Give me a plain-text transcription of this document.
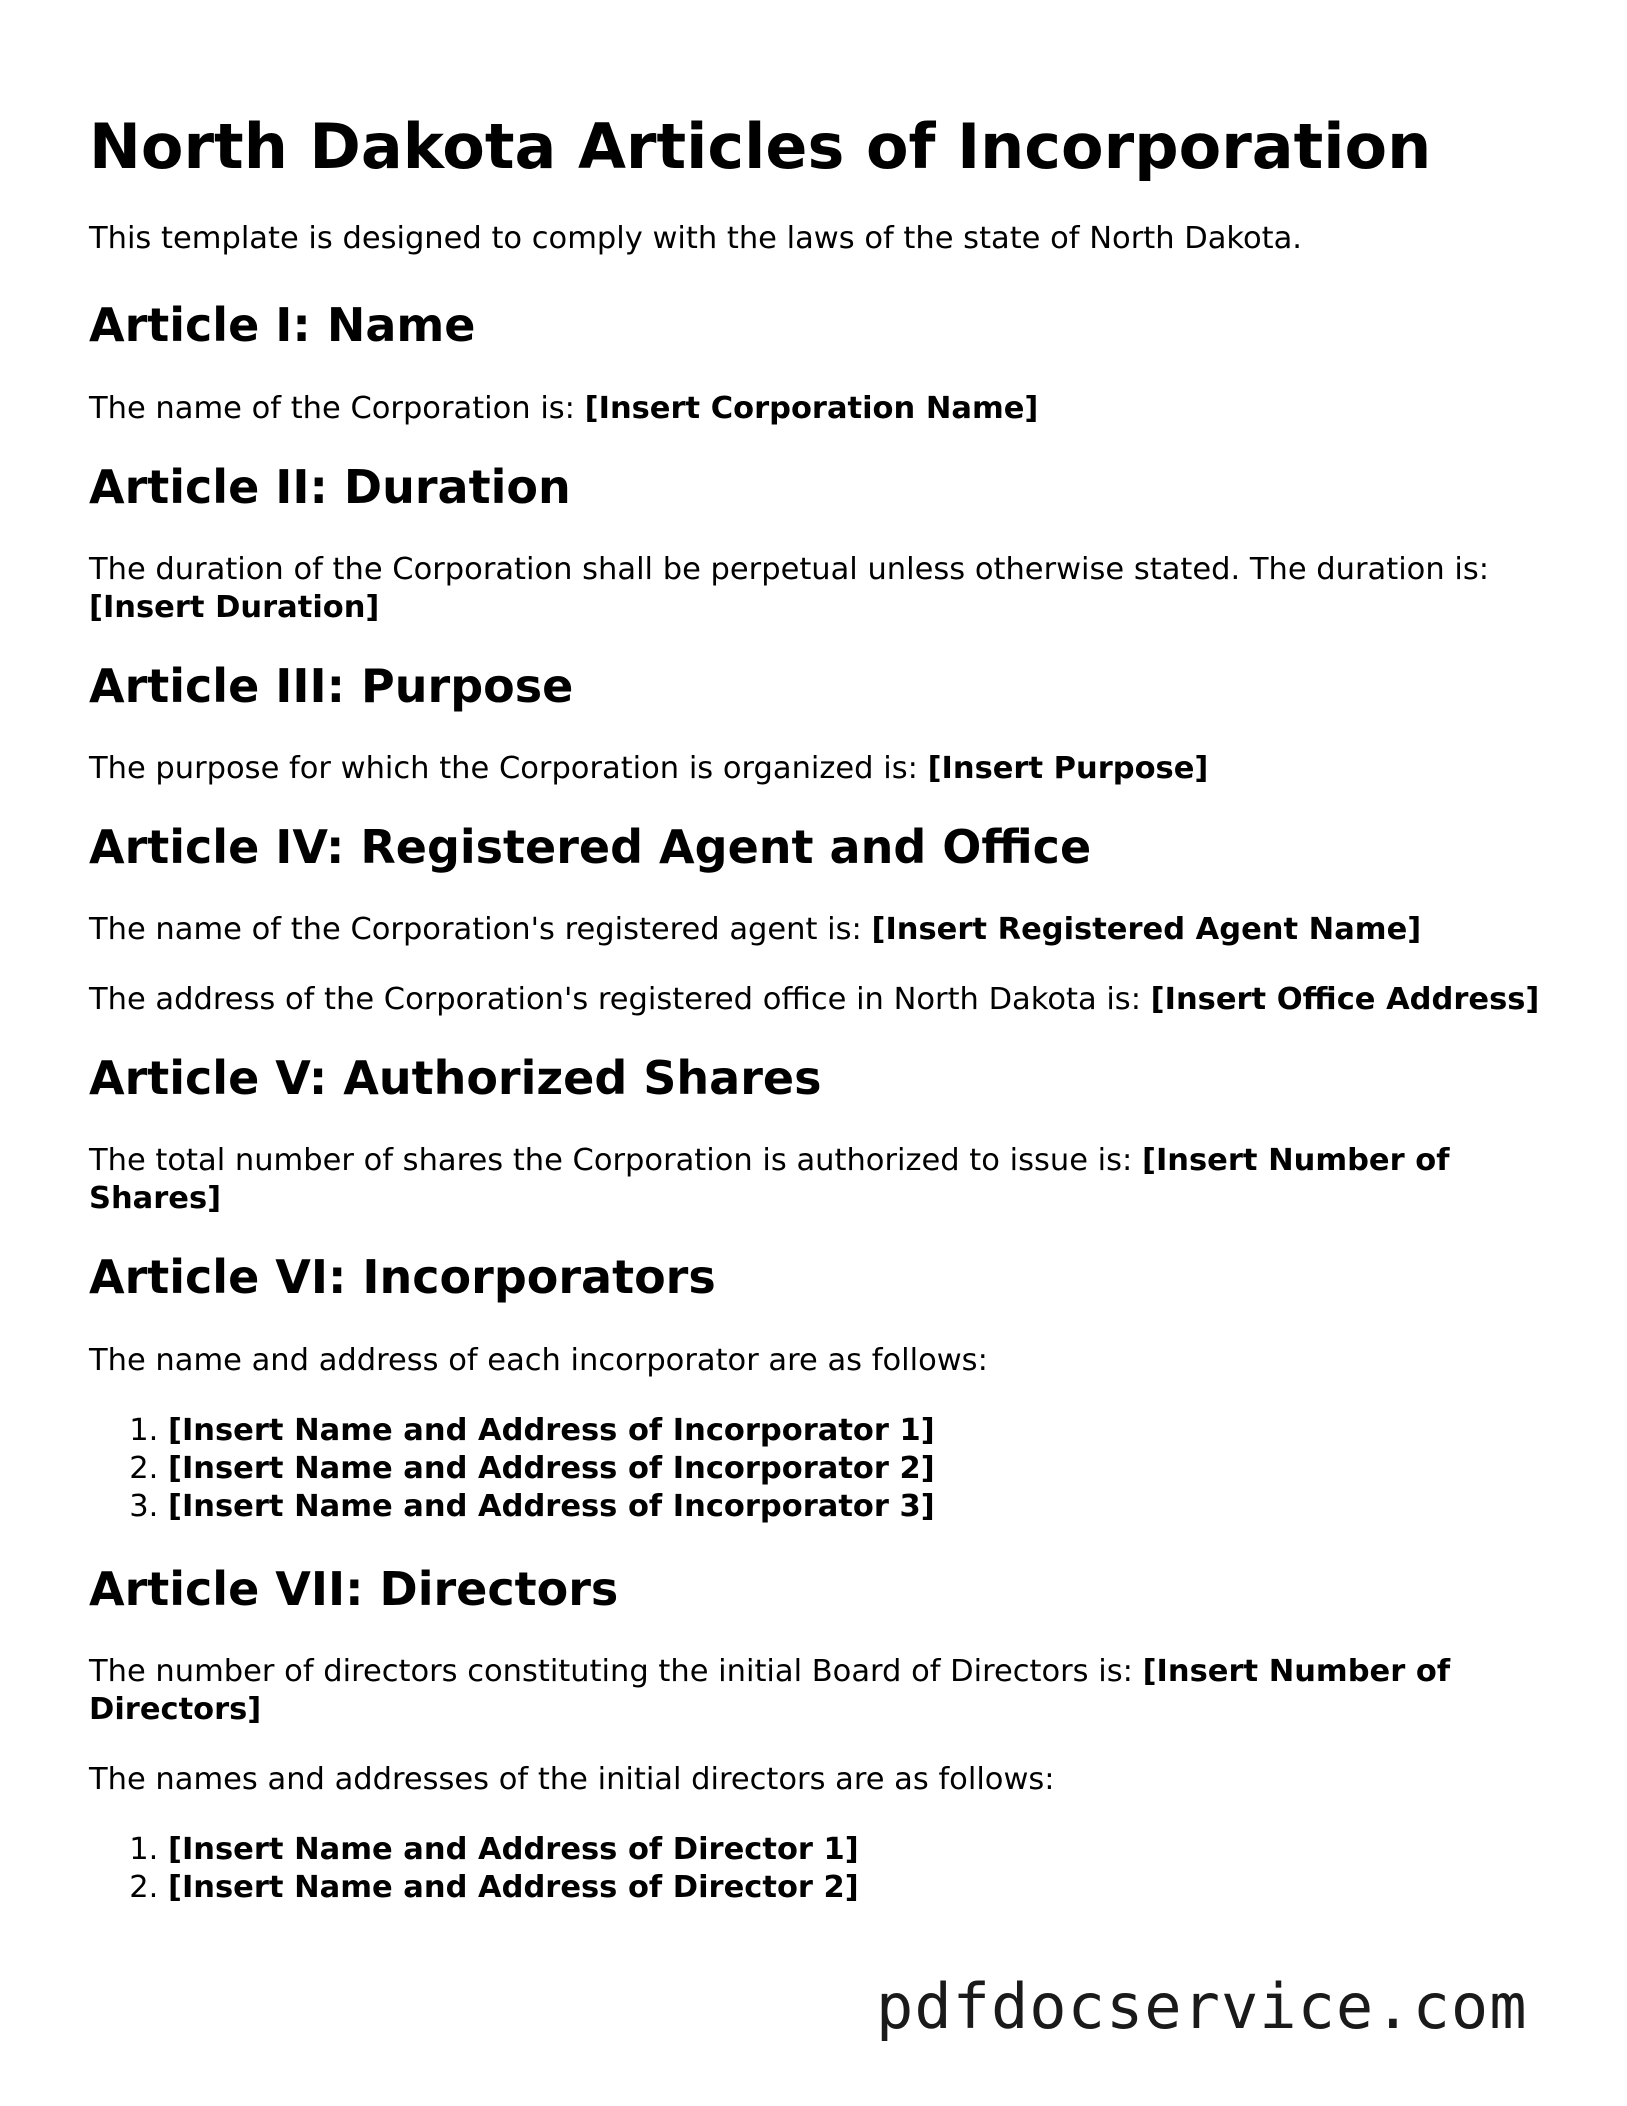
North Dakota Articles of Incorporation

This template is designed to comply with the laws of the state of North Dakota.

Article I: Name

The name of the Corporation is: [Insert Corporation Name]

Article II: Duration

The duration of the Corporation shall be perpetual unless otherwise stated. The duration is: [Insert Duration]

Article III: Purpose

The purpose for which the Corporation is organized is: [Insert Purpose]

Article IV: Registered Agent and Office

The name of the Corporation's registered agent is: [Insert Registered Agent Name]

The address of the Corporation's registered office in North Dakota is: [Insert Office Address]

Article V: Authorized Shares

The total number of shares the Corporation is authorized to issue is: [Insert Number of Shares]

Article VI: Incorporators

The name and address of each incorporator are as follows:

1. [Insert Name and Address of Incorporator 1]
2. [Insert Name and Address of Incorporator 2]
3. [Insert Name and Address of Incorporator 3]
Article VII: Directors

The number of directors constituting the initial Board of Directors is: [Insert Number of Directors]

The names and addresses of the initial directors are as follows:

1. [Insert Name and Address of Director 1]
2. [Insert Name and Address of Director 2]
pdfdocservice.com
